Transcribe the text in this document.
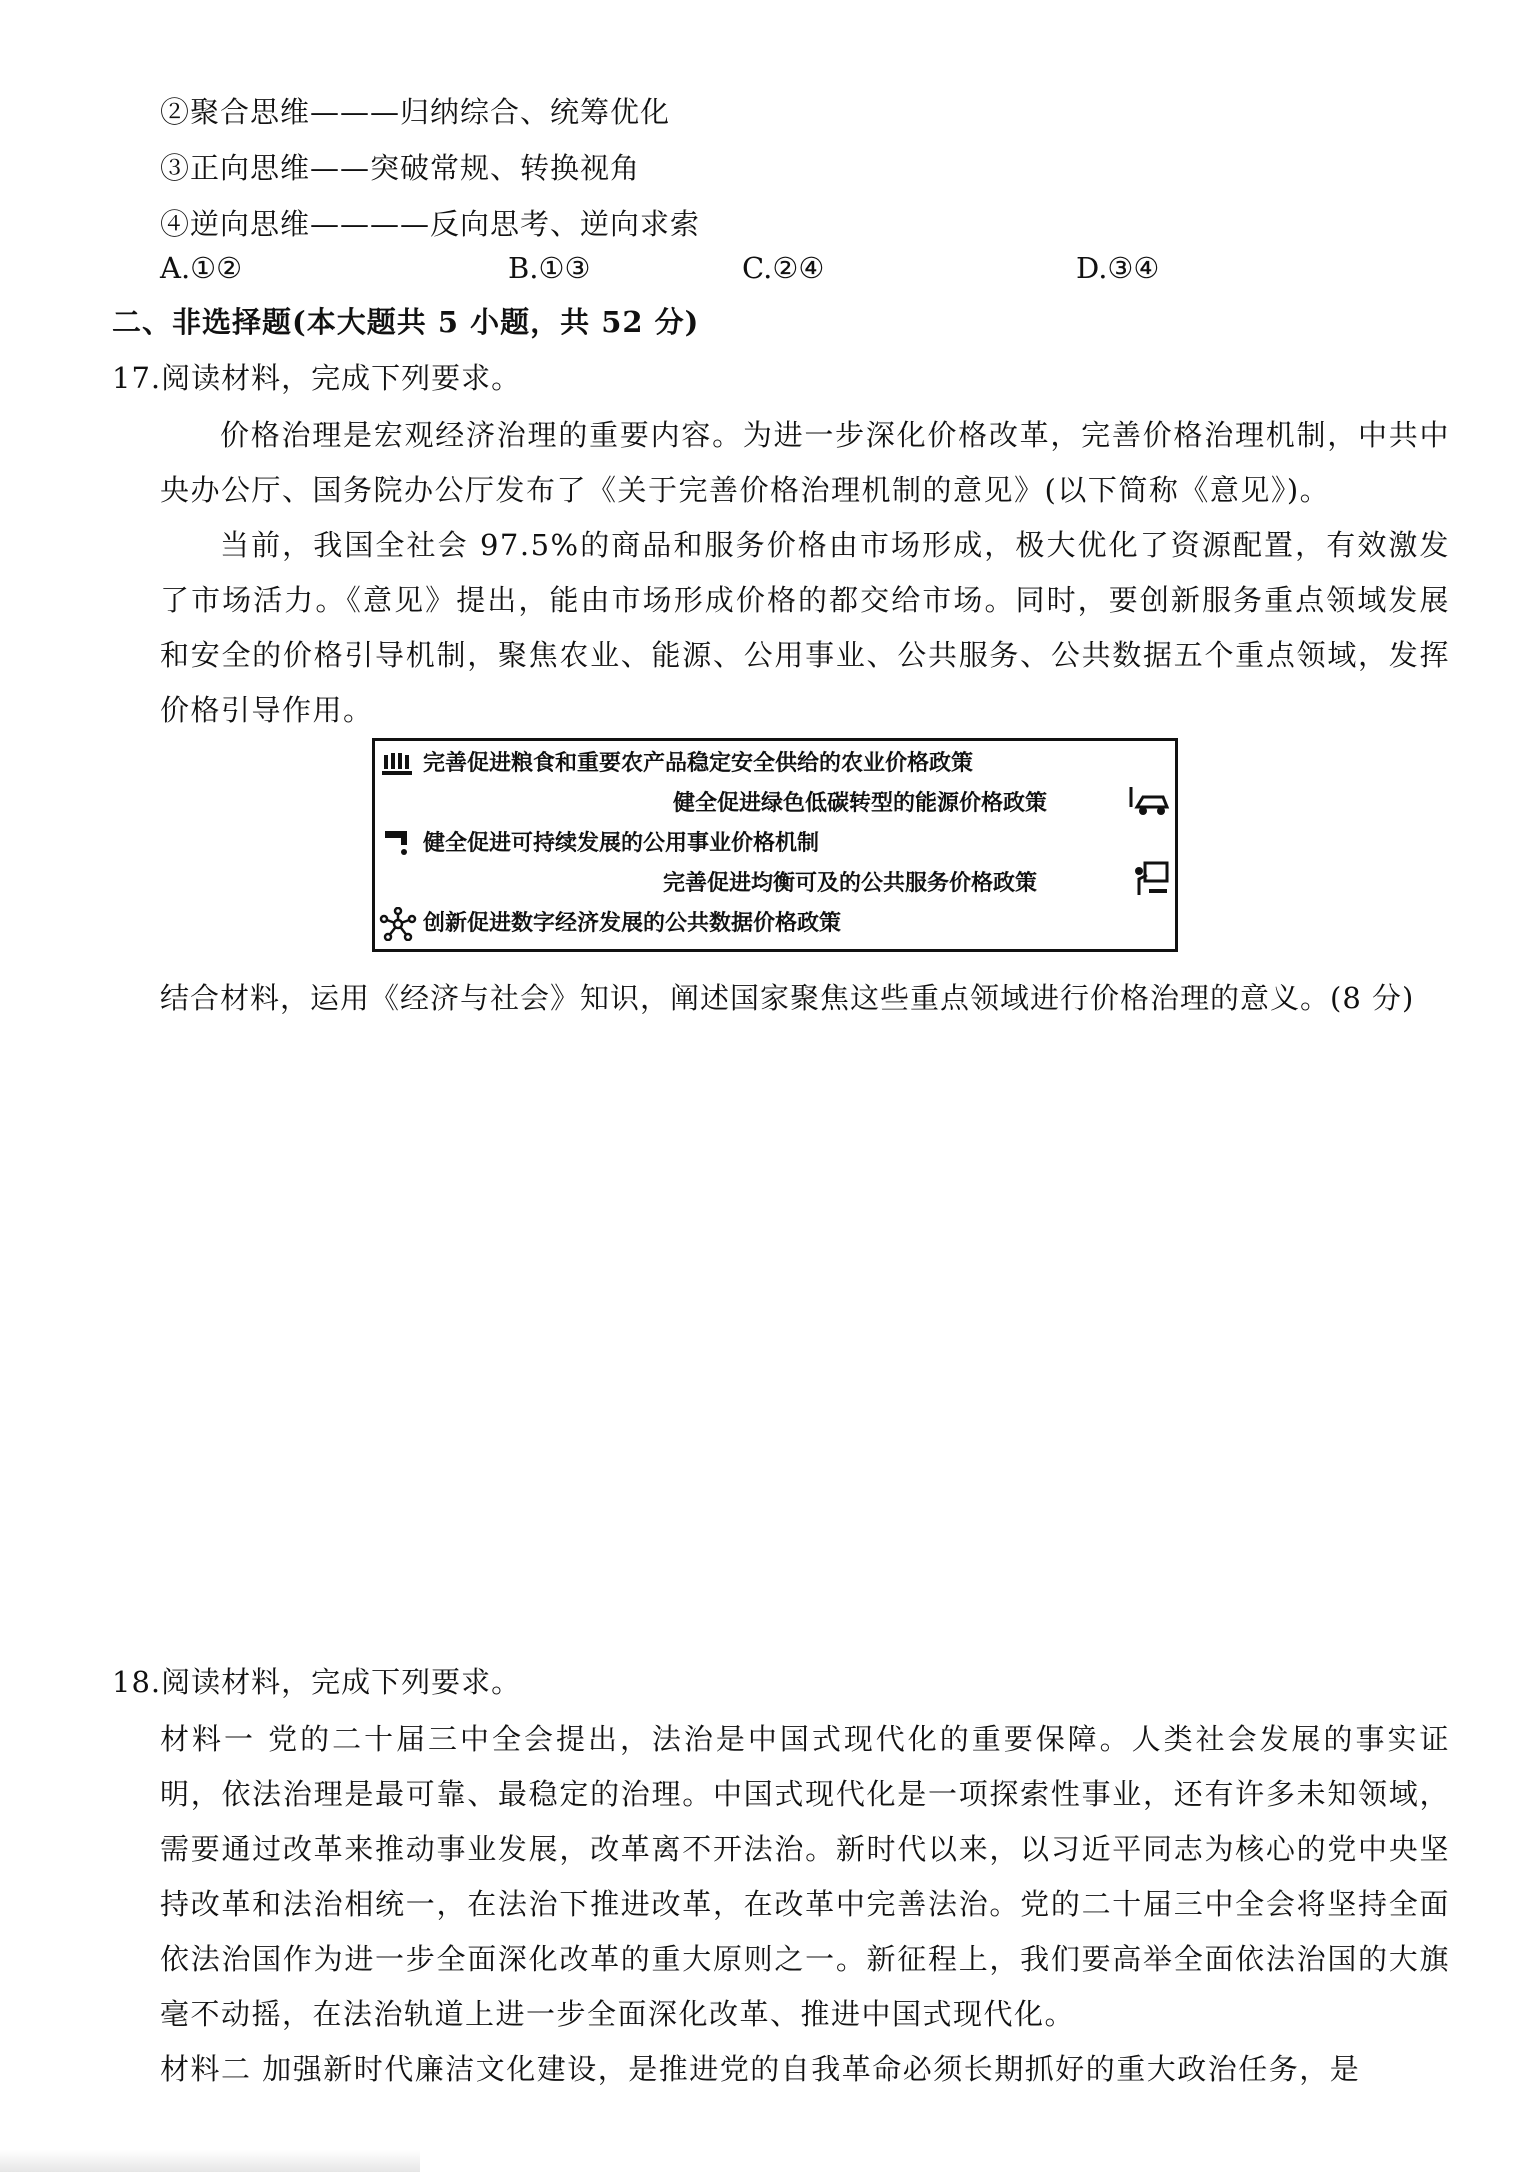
②聚合思维———归纳综合、统筹优化
③正向思维——突破常规、转换视角
④逆向思维————反向思考、逆向求索
A.①②	B.①③	C.②④	D.③④
二、非选择题(本大题共 5 小题，共 52 分)
17.阅读材料，完成下列要求。
价格治理是宏观经济治理的重要内容。为进一步深化价格改革，完善价格治理机制，中共中央办公厅、国务院办公厅发布了《关于完善价格治理机制的意见》(以下简称《意见》)。
当前，我国全社会 97.5%的商品和服务价格由市场形成，极大优化了资源配置，有效激发了市场活力。《意见》提出，能由市场形成价格的都交给市场。同时，要创新服务重点领域发展和安全的价格引导机制，聚焦农业、能源、公用事业、公共服务、公共数据五个重点领域，发挥价格引导作用。
完善促进粮食和重要农产品稳定安全供给的农业价格政策
健全促进绿色低碳转型的能源价格政策
健全促进可持续发展的公用事业价格机制
完善促进均衡可及的公共服务价格政策
创新促进数字经济发展的公共数据价格政策
结合材料，运用《经济与社会》知识，阐述国家聚焦这些重点领域进行价格治理的意义。(8 分)
18.阅读材料，完成下列要求。
材料一 党的二十届三中全会提出，法治是中国式现代化的重要保障。人类社会发展的事实证明，依法治理是最可靠、最稳定的治理。中国式现代化是一项探索性事业，还有许多未知领域，需要通过改革来推动事业发展，改革离不开法治。新时代以来，以习近平同志为核心的党中央坚持改革和法治相统一，在法治下推进改革，在改革中完善法治。党的二十届三中全会将坚持全面依法治国作为进一步全面深化改革的重大原则之一。新征程上，我们要高举全面依法治国的大旗毫不动摇，在法治轨道上进一步全面深化改革、推进中国式现代化。
材料二 加强新时代廉洁文化建设，是推进党的自我革命必须长期抓好的重大政治任务，是
